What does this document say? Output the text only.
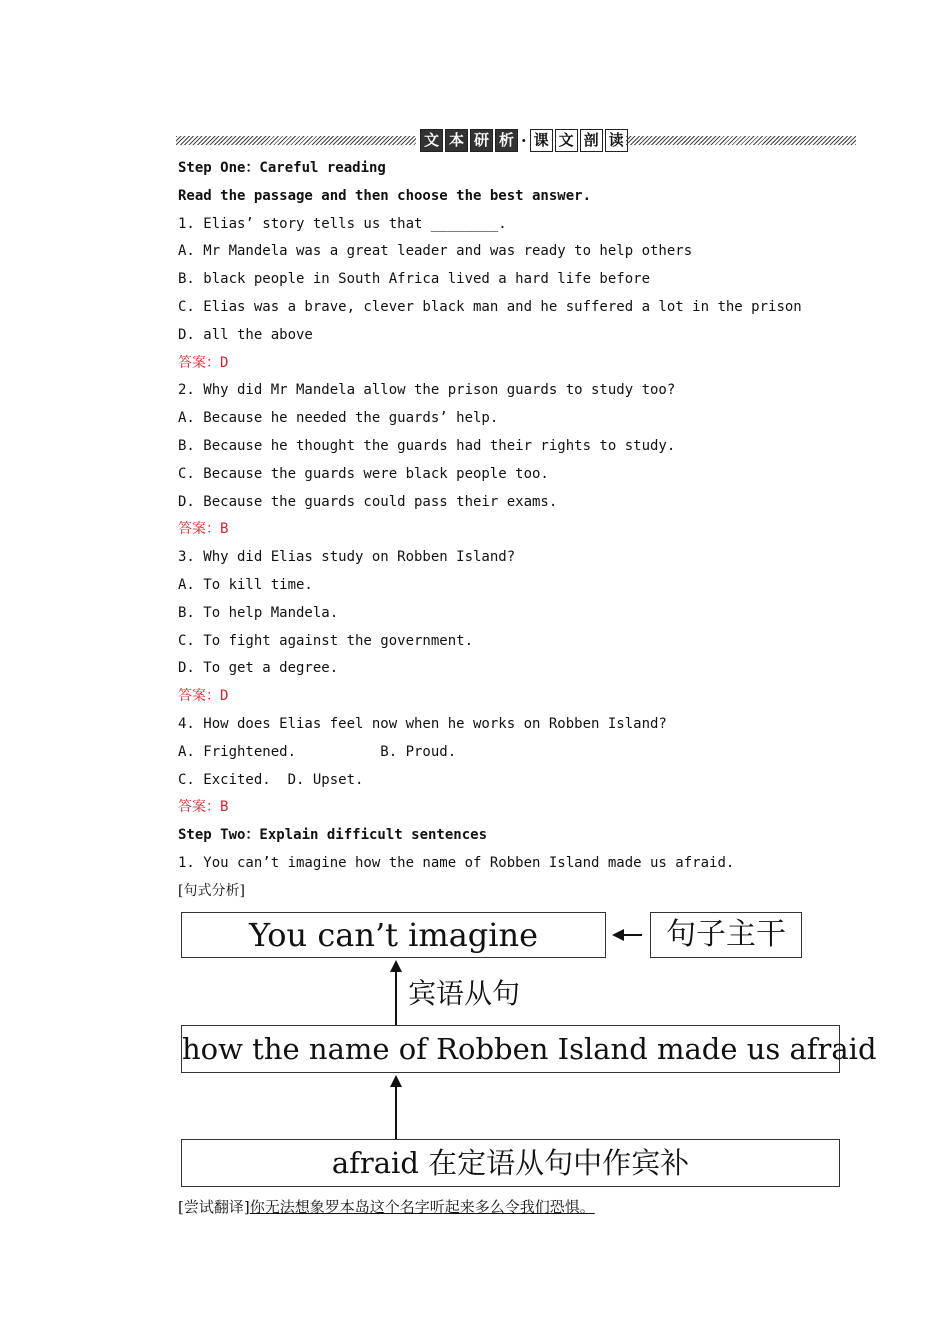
文 本 研 析 · 课 文 剖 读
Step One：Careful reading
Read the passage and then choose the best answer.
1. Elias’ story tells us that ________.
A. Mr Mandela was a great leader and was ready to help others
B. black people in South Africa lived a hard life before
C. Elias was a brave, clever black man and he suffered a lot in the prison
D. all the above
答案：D
2. Why did Mr Mandela allow the prison guards to study too?
A. Because he needed the guards’ help.
B. Because he thought the guards had their rights to study.
C. Because the guards were black people too.
D. Because the guards could pass their exams.
答案：B
3. Why did Elias study on Robben Island?
A. To kill time.
B. To help Mandela.
C. To fight against the government.
D. To get a degree.
答案：D
4. How does Elias feel now when he works on Robben Island?
A. Frightened.          B. Proud.
C. Excited.  D. Upset.
答案：B
Step Two：Explain difficult sentences
1. You can’t imagine how the name of Robben Island made us afraid.
[句式分析]
You can’t imagine	句子主干
宾语从句
how the name of Robben Island made us afraid
afraid 在定语从句中作宾补
[尝试翻译]你无法想象罗本岛这个名字听起来多么令我们恐惧。
